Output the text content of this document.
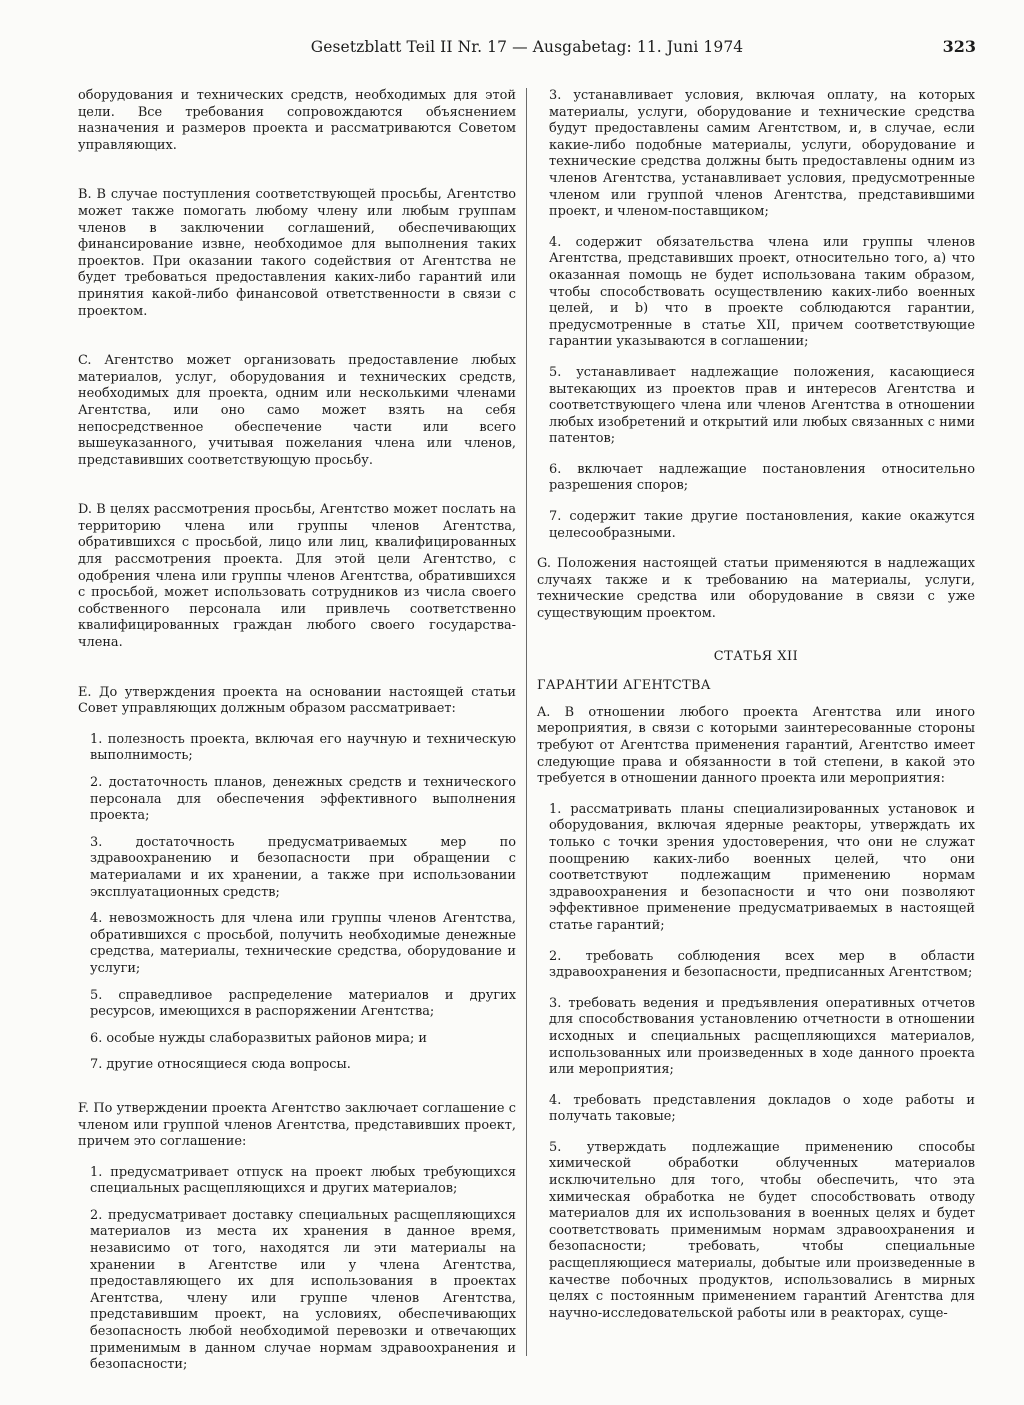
Gesetzblatt Teil II Nr. 17 — Ausgabetag: 11. Juni 1974	323

оборудования и технических средств, необходимых для этой цели. Все требования сопровождаются объяснением назначения и размеров проекта и рассматриваются Советом управляющих.

B. В случае поступления соответствующей просьбы, Агентство может также помогать любому члену или любым группам членов в заключении соглашений, обеспечивающих финансирование извне, необходимое для выполнения таких проектов. При оказании такого содействия от Агентства не будет требоваться предоставления каких-либо гарантий или принятия какой-либо финансовой ответственности в связи с проектом.

C. Агентство может организовать предоставление любых материалов, услуг, оборудования и технических средств, необходимых для проекта, одним или несколькими членами Агентства, или оно само может взять на себя непосредственное обеспечение части или всего вышеуказанного, учитывая пожелания члена или членов, представивших соответствующую просьбу.

D. В целях рассмотрения просьбы, Агентство может послать на территорию члена или группы членов Агентства, обратившихся с просьбой, лицо или лиц, квалифицированных для рассмотрения проекта. Для этой цели Агентство, с одобрения члена или группы членов Агентства, обратившихся с просьбой, может использовать сотрудников из числа своего собственного персонала или привлечь соответственно квалифицированных граждан любого своего государства-члена.

E. До утверждения проекта на основании настоящей статьи Совет управляющих должным образом рассматривает:

1. полезность проекта, включая его научную и техническую выполнимость;

2. достаточность планов, денежных средств и технического персонала для обеспечения эффективного выполнения проекта;

3. достаточность предусматриваемых мер по здравоохранению и безопасности при обращении с материалами и их хранении, а также при использовании эксплуатационных средств;

4. невозможность для члена или группы членов Агентства, обратившихся с просьбой, получить необходимые денежные средства, материалы, технические средства, оборудование и услуги;

5. справедливое распределение материалов и других ресурсов, имеющихся в распоряжении Агентства;

6. особые нужды слаборазвитых районов мира; и

7. другие относящиеся сюда вопросы.

F. По утверждении проекта Агентство заключает соглашение с членом или группой членов Агентства, представивших проект, причем это соглашение:

1. предусматривает отпуск на проект любых требующихся специальных расщепляющихся и других материалов;

2. предусматривает доставку специальных расщепляющихся материалов из места их хранения в данное время, независимо от того, находятся ли эти материалы на хранении в Агентстве или у члена Агентства, предоставляющего их для использования в проектах Агентства, члену или группе членов Агентства, представившим проект, на условиях, обеспечивающих безопасность любой необходимой перевозки и отвечающих применимым в данном случае нормам здравоохранения и безопасности;

3. устанавливает условия, включая оплату, на которых материалы, услуги, оборудование и технические средства будут предоставлены самим Агентством, и, в случае, если какие-либо подобные материалы, услуги, оборудование и технические средства должны быть предоставлены одним из членов Агентства, устанавливает условия, предусмотренные членом или группой членов Агентства, представившими проект, и членом-поставщиком;

4. содержит обязательства члена или группы членов Агентства, представивших проект, относительно того, a) что оказанная помощь не будет использована таким образом, чтобы способствовать осуществлению каких-либо военных целей, и b) что в проекте соблюдаются гарантии, предусмотренные в статье XII, причем соответствующие гарантии указываются в соглашении;

5. устанавливает надлежащие положения, касающиеся вытекающих из проектов прав и интересов Агентства и соответствующего члена или членов Агентства в отношении любых изобретений и открытий или любых связанных с ними патентов;

6. включает надлежащие постановления относительно разрешения споров;

7. содержит такие другие постановления, какие окажутся целесообразными.

G. Положения настоящей статьи применяются в надлежащих случаях также и к требованию на материалы, услуги, технические средства или оборудование в связи с уже существующим проектом.

СТАТЬЯ XII

ГАРАНТИИ АГЕНТСТВА

A. В отношении любого проекта Агентства или иного мероприятия, в связи с которыми заинтересованные стороны требуют от Агентства применения гарантий, Агентство имеет следующие права и обязанности в той степени, в какой это требуется в отношении данного проекта или мероприятия:

1. рассматривать планы специализированных установок и оборудования, включая ядерные реакторы, утверждать их только с точки зрения удостоверения, что они не служат поощрению каких-либо военных целей, что они соответствуют подлежащим применению нормам здравоохранения и безопасности и что они позволяют эффективное применение предусматриваемых в настоящей статье гарантий;

2. требовать соблюдения всех мер в области здравоохранения и безопасности, предписанных Агентством;

3. требовать ведения и предъявления оперативных отчетов для способствования установлению отчетности в отношении исходных и специальных расщепляющихся материалов, использованных или произведенных в ходе данного проекта или мероприятия;

4. требовать представления докладов о ходе работы и получать таковые;

5. утверждать подлежащие применению способы химической обработки облученных материалов исключительно для того, чтобы обеспечить, что эта химическая обработка не будет способствовать отводу материалов для их использования в военных целях и будет соответствовать применимым нормам здравоохранения и безопасности; требовать, чтобы специальные расщепляющиеся материалы, добытые или произведенные в качестве побочных продуктов, использовались в мирных целях с постоянным применением гарантий Агентства для научно-исследовательской работы или в реакторах, суще-
